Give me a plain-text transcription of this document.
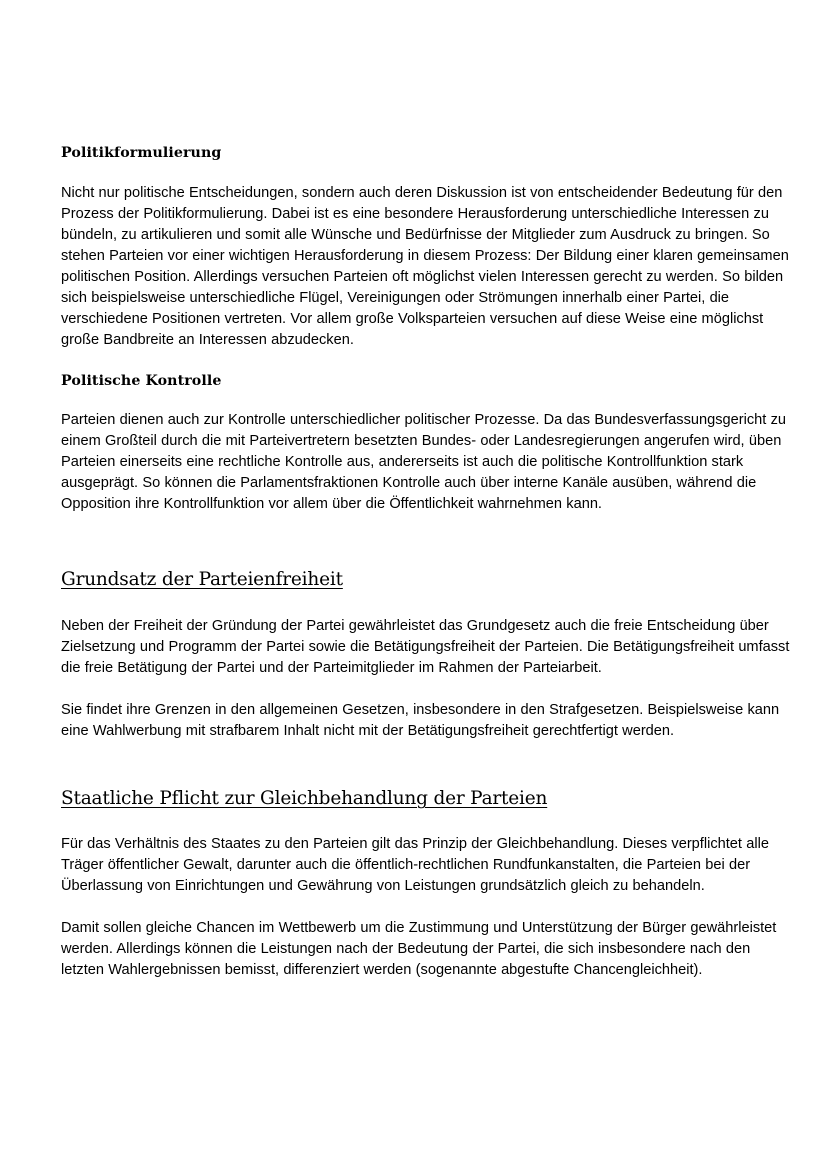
Politikformulierung

Nicht nur politische Entscheidungen, sondern auch deren Diskussion ist von entscheidender Bedeutung für den Prozess der Politikformulierung. Dabei ist es eine besondere Herausforderung unterschiedliche Interessen zu bündeln, zu artikulieren und somit alle Wünsche und Bedürfnisse der Mitglieder zum Ausdruck zu bringen. So stehen Parteien vor einer wichtigen Herausforderung in diesem Prozess: Der Bildung einer klaren gemeinsamen politischen Position. Allerdings versuchen Parteien oft möglichst vielen Interessen gerecht zu werden. So bilden sich beispielsweise unterschiedliche Flügel, Vereinigungen oder Strömungen innerhalb einer Partei, die verschiedene Positionen vertreten. Vor allem große Volksparteien versuchen auf diese Weise eine möglichst große Bandbreite an Interessen abzudecken.

Politische Kontrolle

Parteien dienen auch zur Kontrolle unterschiedlicher politischer Prozesse. Da das Bundesverfassungsgericht zu einem Großteil durch die mit Parteivertretern besetzten Bundes- oder Landesregierungen angerufen wird, üben Parteien einerseits eine rechtliche Kontrolle aus, andererseits ist auch die politische Kontrollfunktion stark ausgeprägt. So können die Parlamentsfraktionen Kontrolle auch über interne Kanäle ausüben, während die Opposition ihre Kontrollfunktion vor allem über die Öffentlichkeit wahrnehmen kann.

Grundsatz der Parteienfreiheit

Neben der Freiheit der Gründung der Partei gewährleistet das Grundgesetz auch die freie Entscheidung über Zielsetzung und Programm der Partei sowie die Betätigungsfreiheit der Parteien. Die Betätigungsfreiheit umfasst die freie Betätigung der Partei und der Parteimitglieder im Rahmen der Parteiarbeit.

Sie findet ihre Grenzen in den allgemeinen Gesetzen, insbesondere in den Strafgesetzen. Beispielsweise kann eine Wahlwerbung mit strafbarem Inhalt nicht mit der Betätigungsfreiheit gerechtfertigt werden.

Staatliche Pflicht zur Gleichbehandlung der Parteien

Für das Verhältnis des Staates zu den Parteien gilt das Prinzip der Gleichbehandlung. Dieses verpflichtet alle Träger öffentlicher Gewalt, darunter auch die öffentlich-rechtlichen Rundfunkanstalten, die Parteien bei der Überlassung von Einrichtungen und Gewährung von Leistungen grundsätzlich gleich zu behandeln.

Damit sollen gleiche Chancen im Wettbewerb um die Zustimmung und Unterstützung der Bürger gewährleistet werden. Allerdings können die Leistungen nach der Bedeutung der Partei, die sich insbesondere nach den letzten Wahlergebnissen bemisst, differenziert werden (sogenannte abgestufte Chancengleichheit).
